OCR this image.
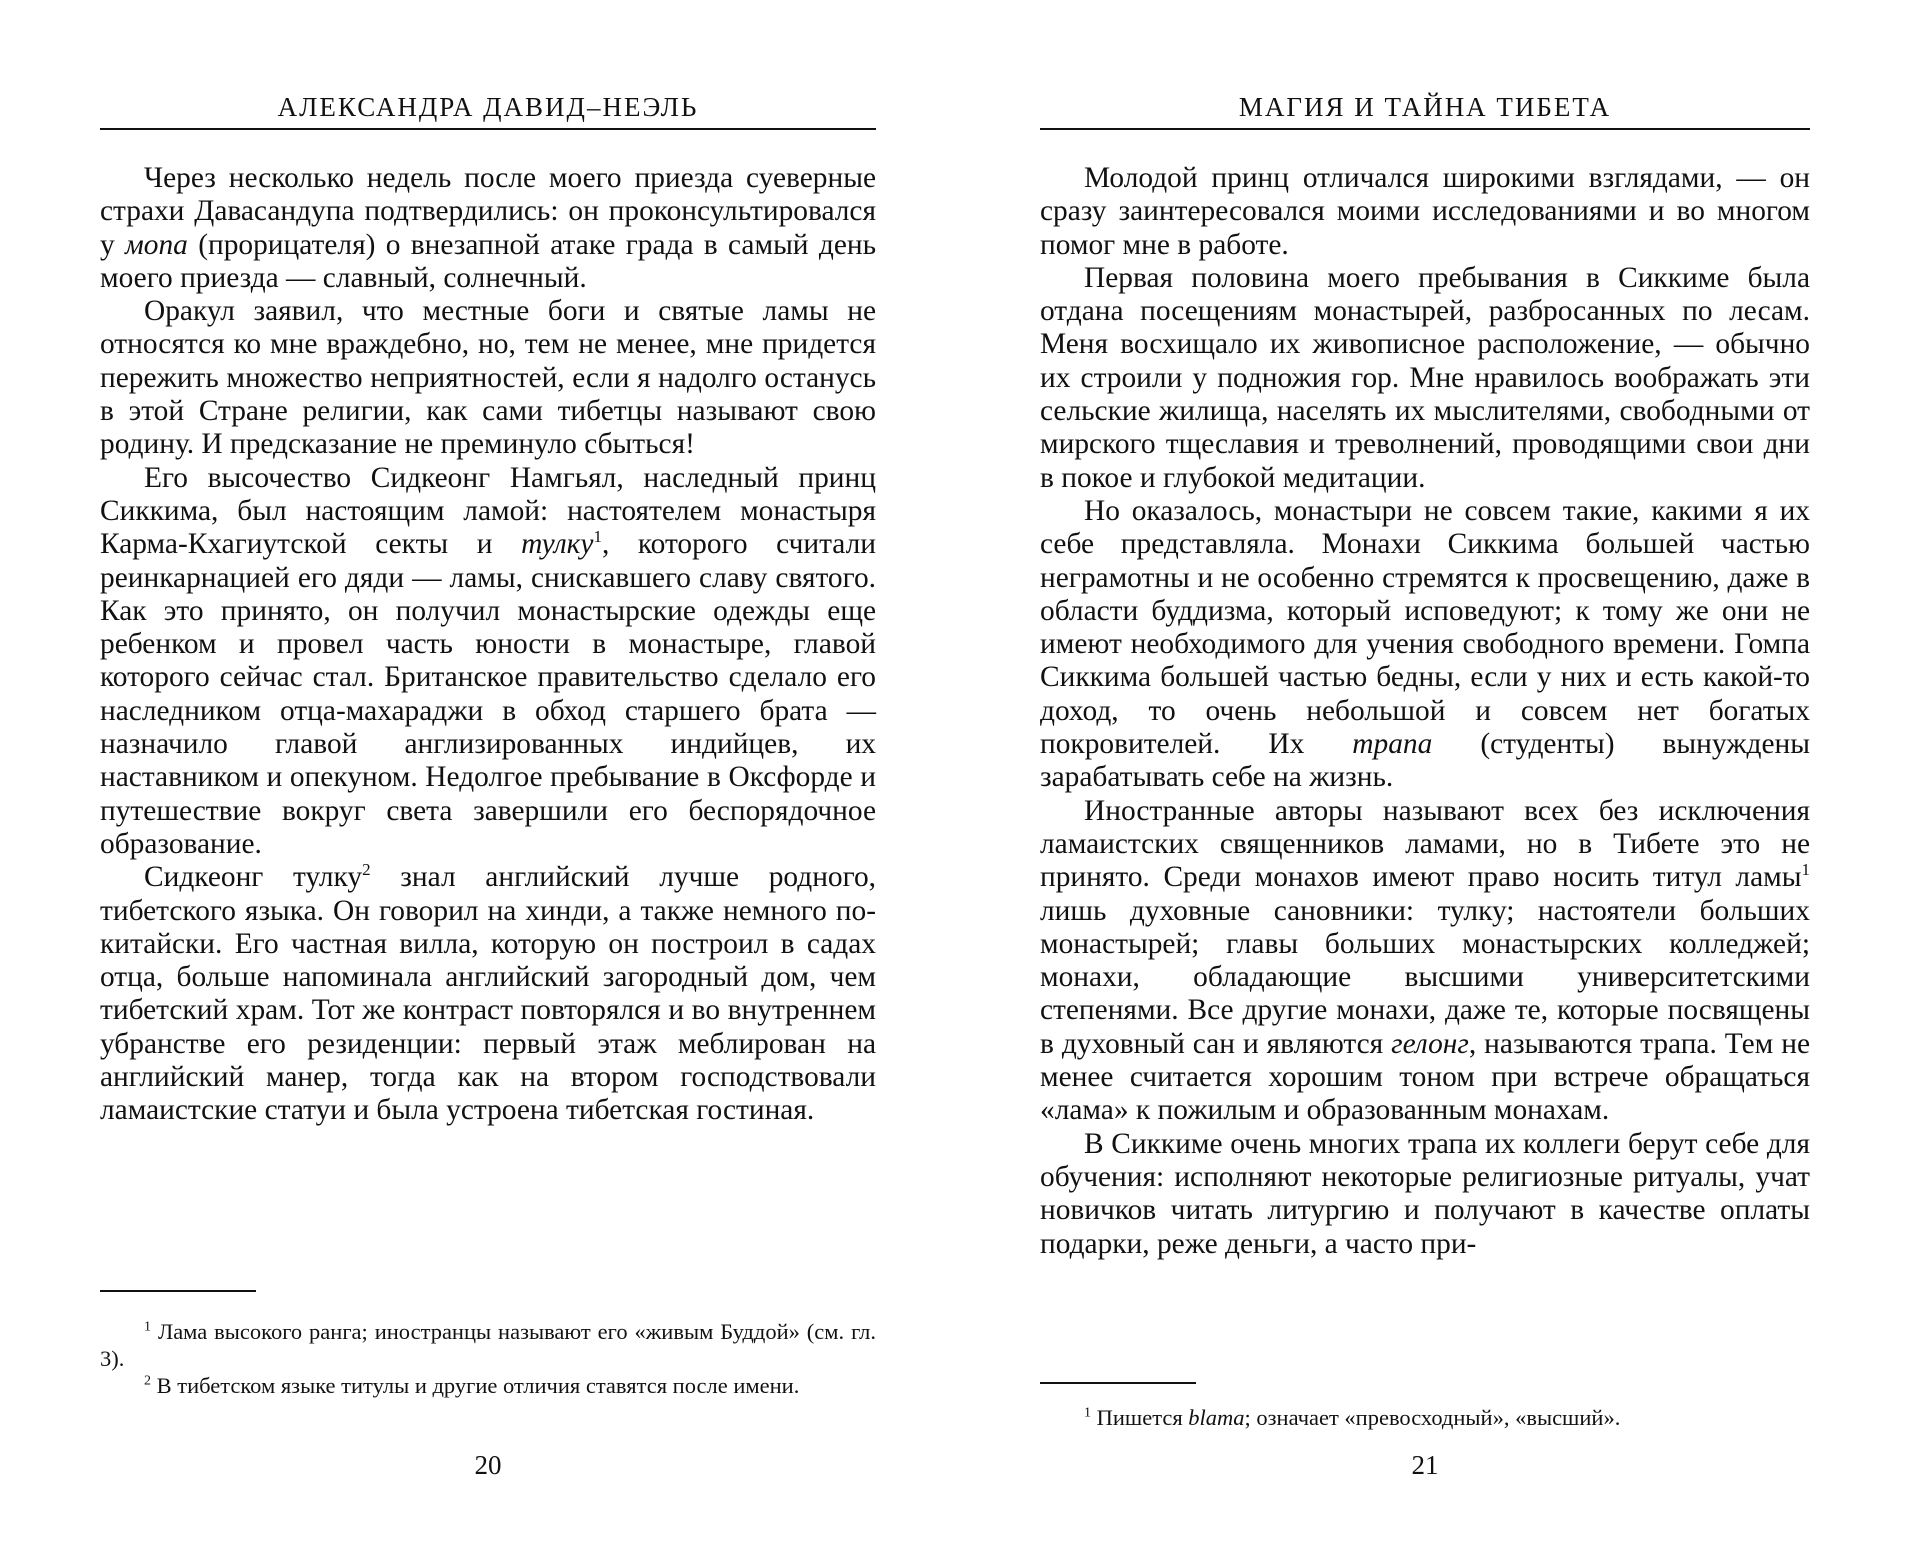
АЛЕКСАНДРА ДАВИД–НЕЭЛЬ

Через несколько недель после моего приезда суеверные страхи Давасандупа подтвердились: он проконсультировался у мопа (прорицателя) о внезапной атаке града в самый день моего приезда — славный, солнечный.

Оракул заявил, что местные боги и святые ламы не относятся ко мне враждебно, но, тем не менее, мне придется пережить множество неприятностей, если я надолго останусь в этой Стране религии, как сами тибетцы называют свою родину. И предсказание не преминуло сбыться!

Его высочество Сидкеонг Намгьял, наследный принц Сиккима, был настоящим ламой: настоятелем монастыря Карма-Кхагиутской секты и тулку$^1$, которого считали реинкарнацией его дяди — ламы, снискавшего славу святого. Как это принято, он получил монастырские одежды еще ребенком и провел часть юности в монастыре, главой которого сейчас стал. Британское правительство сделало его наследником отца-махараджи в обход старшего брата — назначило главой англизированных индийцев, их наставником и опекуном. Недолгое пребывание в Оксфорде и путешествие вокруг света завершили его беспорядочное образование.

Сидкеонг тулку$^2$ знал английский лучше родного, тибетского языка. Он говорил на хинди, а также немного по-китайски. Его частная вилла, которую он построил в садах отца, больше напоминала английский загородный дом, чем тибетский храм. Тот же контраст повторялся и во внутреннем убранстве его резиденции: первый этаж меблирован на английский манер, тогда как на втором господствовали ламаистские статуи и была устроена тибетская гостиная.

$^1$ Лама высокого ранга; иностранцы называют его «живым Буддой» (см. гл. 3).

$^2$ В тибетском языке титулы и другие отличия ставятся после имени.

20
МАГИЯ И ТАЙНА ТИБЕТА

Молодой принц отличался широкими взглядами, — он сразу заинтересовался моими исследованиями и во многом помог мне в работе.

Первая половина моего пребывания в Сиккиме была отдана посещениям монастырей, разбросанных по лесам. Меня восхищало их живописное расположение, — обычно их строили у подножия гор. Мне нравилось воображать эти сельские жилища, населять их мыслителями, свободными от мирского тщеславия и треволнений, проводящими свои дни в покое и глубокой медитации.

Но оказалось, монастыри не совсем такие, какими я их себе представляла. Монахи Сиккима большей частью неграмотны и не особенно стремятся к просвещению, даже в области буддизма, который исповедуют; к тому же они не имеют необходимого для учения свободного времени. Гомпа Сиккима большей частью бедны, если у них и есть какой-то доход, то очень небольшой и совсем нет богатых покровителей. Их трапа (студенты) вынуждены зарабатывать себе на жизнь.

Иностранные авторы называют всех без исключения ламаистских священников ламами, но в Тибете это не принято. Среди монахов имеют право носить титул ламы$^1$ лишь духовные сановники: тулку; настоятели больших монастырей; главы больших монастырских колледжей; монахи, обладающие высшими университетскими степенями. Все другие монахи, даже те, которые посвящены в духовный сан и являются гелонг, называются трапа. Тем не менее считается хорошим тоном при встрече обращаться «лама» к пожилым и образованным монахам.

В Сиккиме очень многих трапа их коллеги берут себе для обучения: исполняют некоторые религиозные ритуалы, учат новичков читать литургию и получают в качестве оплаты подарки, реже деньги, а часто при-

$^1$ Пишется blama; означает «превосходный», «высший».

21
